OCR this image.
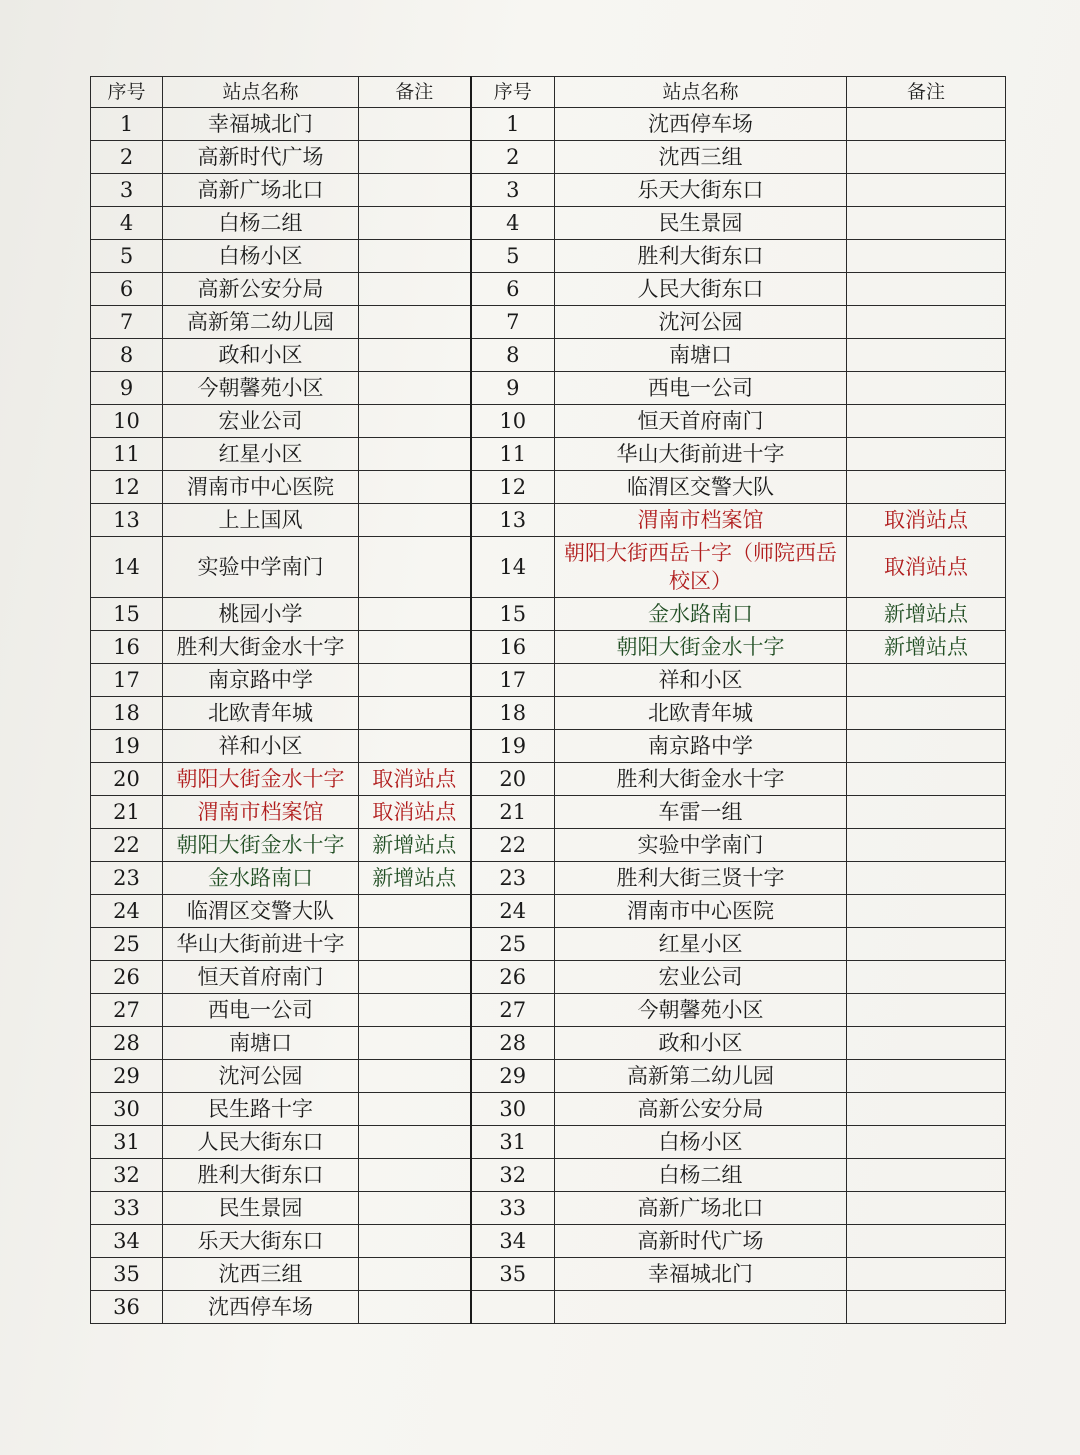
序号	站点名称	备注	序号	站点名称	备注
1	幸福城北门		1	沈西停车场	
2	高新时代广场		2	沈西三组	
3	高新广场北口		3	乐天大街东口	
4	白杨二组		4	民生景园	
5	白杨小区		5	胜利大街东口	
6	高新公安分局		6	人民大街东口	
7	高新第二幼儿园		7	沈河公园	
8	政和小区		8	南塘口	
9	今朝馨苑小区		9	西电一公司	
10	宏业公司		10	恒天首府南门	
11	红星小区		11	华山大街前进十字	
12	渭南市中心医院		12	临渭区交警大队	
13	上上国风		13	渭南市档案馆	取消站点
14	实验中学南门		14	朝阳大街西岳十字（师院西岳校区）	取消站点
15	桃园小学		15	金水路南口	新增站点
16	胜利大街金水十字		16	朝阳大街金水十字	新增站点
17	南京路中学		17	祥和小区	
18	北欧青年城		18	北欧青年城	
19	祥和小区		19	南京路中学	
20	朝阳大街金水十字	取消站点	20	胜利大街金水十字	
21	渭南市档案馆	取消站点	21	车雷一组	
22	朝阳大街金水十字	新增站点	22	实验中学南门	
23	金水路南口	新增站点	23	胜利大街三贤十字	
24	临渭区交警大队		24	渭南市中心医院	
25	华山大街前进十字		25	红星小区	
26	恒天首府南门		26	宏业公司	
27	西电一公司		27	今朝馨苑小区	
28	南塘口		28	政和小区	
29	沈河公园		29	高新第二幼儿园	
30	民生路十字		30	高新公安分局	
31	人民大街东口		31	白杨小区	
32	胜利大街东口		32	白杨二组	
33	民生景园		33	高新广场北口	
34	乐天大街东口		34	高新时代广场	
35	沈西三组		35	幸福城北门	
36	沈西停车场				
